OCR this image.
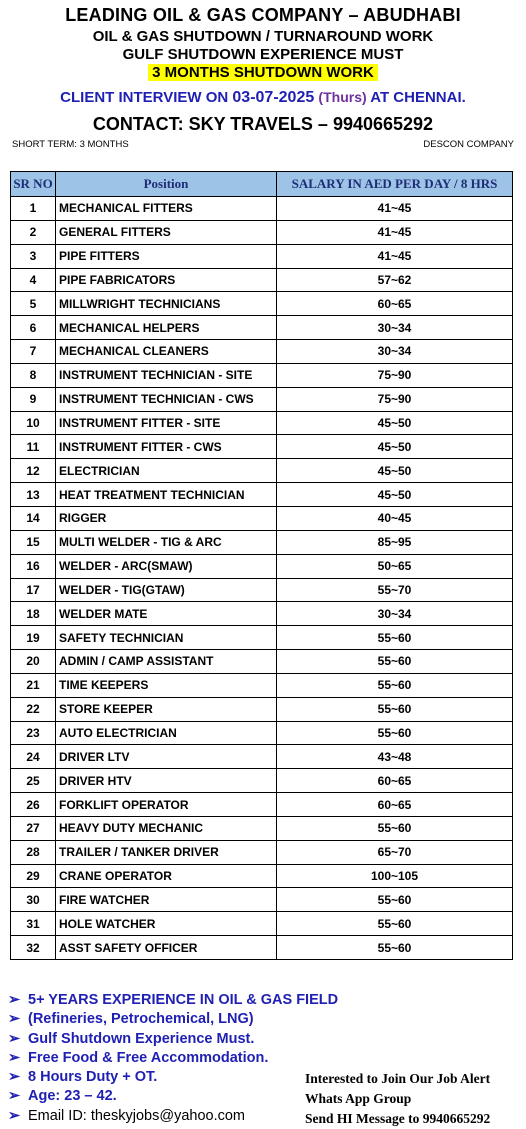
LEADING OIL & GAS COMPANY – ABUDHABI
OIL & GAS SHUTDOWN / TURNAROUND WORK
GULF SHUTDOWN EXPERIENCE MUST
3 MONTHS SHUTDOWN WORK
CLIENT INTERVIEW ON 03-07-2025 (Thurs) AT CHENNAI.
CONTACT: SKY TRAVELS – 9940665292
SHORT TERM: 3 MONTHS	DESCON COMPANY
SR NO	Position	SALARY IN AED PER DAY / 8 HRS
1	MECHANICAL FITTERS	41~45
2	GENERAL FITTERS	41~45
3	PIPE FITTERS	41~45
4	PIPE FABRICATORS	57~62
5	MILLWRIGHT TECHNICIANS	60~65
6	MECHANICAL HELPERS	30~34
7	MECHANICAL CLEANERS	30~34
8	INSTRUMENT TECHNICIAN - SITE	75~90
9	INSTRUMENT TECHNICIAN - CWS	75~90
10	INSTRUMENT FITTER - SITE	45~50
11	INSTRUMENT FITTER - CWS	45~50
12	ELECTRICIAN	45~50
13	HEAT TREATMENT TECHNICIAN	45~50
14	RIGGER	40~45
15	MULTI WELDER - TIG & ARC	85~95
16	WELDER - ARC(SMAW)	50~65
17	WELDER - TIG(GTAW)	55~70
18	WELDER MATE	30~34
19	SAFETY TECHNICIAN	55~60
20	ADMIN / CAMP ASSISTANT	55~60
21	TIME KEEPERS	55~60
22	STORE KEEPER	55~60
23	AUTO ELECTRICIAN	55~60
24	DRIVER LTV	43~48
25	DRIVER HTV	60~65
26	FORKLIFT OPERATOR	60~65
27	HEAVY DUTY MECHANIC	55~60
28	TRAILER / TANKER DRIVER	65~70
29	CRANE OPERATOR	100~105
30	FIRE WATCHER	55~60
31	HOLE WATCHER	55~60
32	ASST SAFETY OFFICER	55~60
➢ 5+ YEARS EXPERIENCE IN OIL & GAS FIELD
➢ (Refineries, Petrochemical, LNG)
➢ Gulf Shutdown Experience Must.
➢ Free Food & Free Accommodation.
➢ 8 Hours Duty + OT.
➢ Age: 23 – 42.
➢ Email ID: theskyjobs@yahoo.com
Interested to Join Our Job Alert
Whats App Group
Send HI Message to 9940665292
